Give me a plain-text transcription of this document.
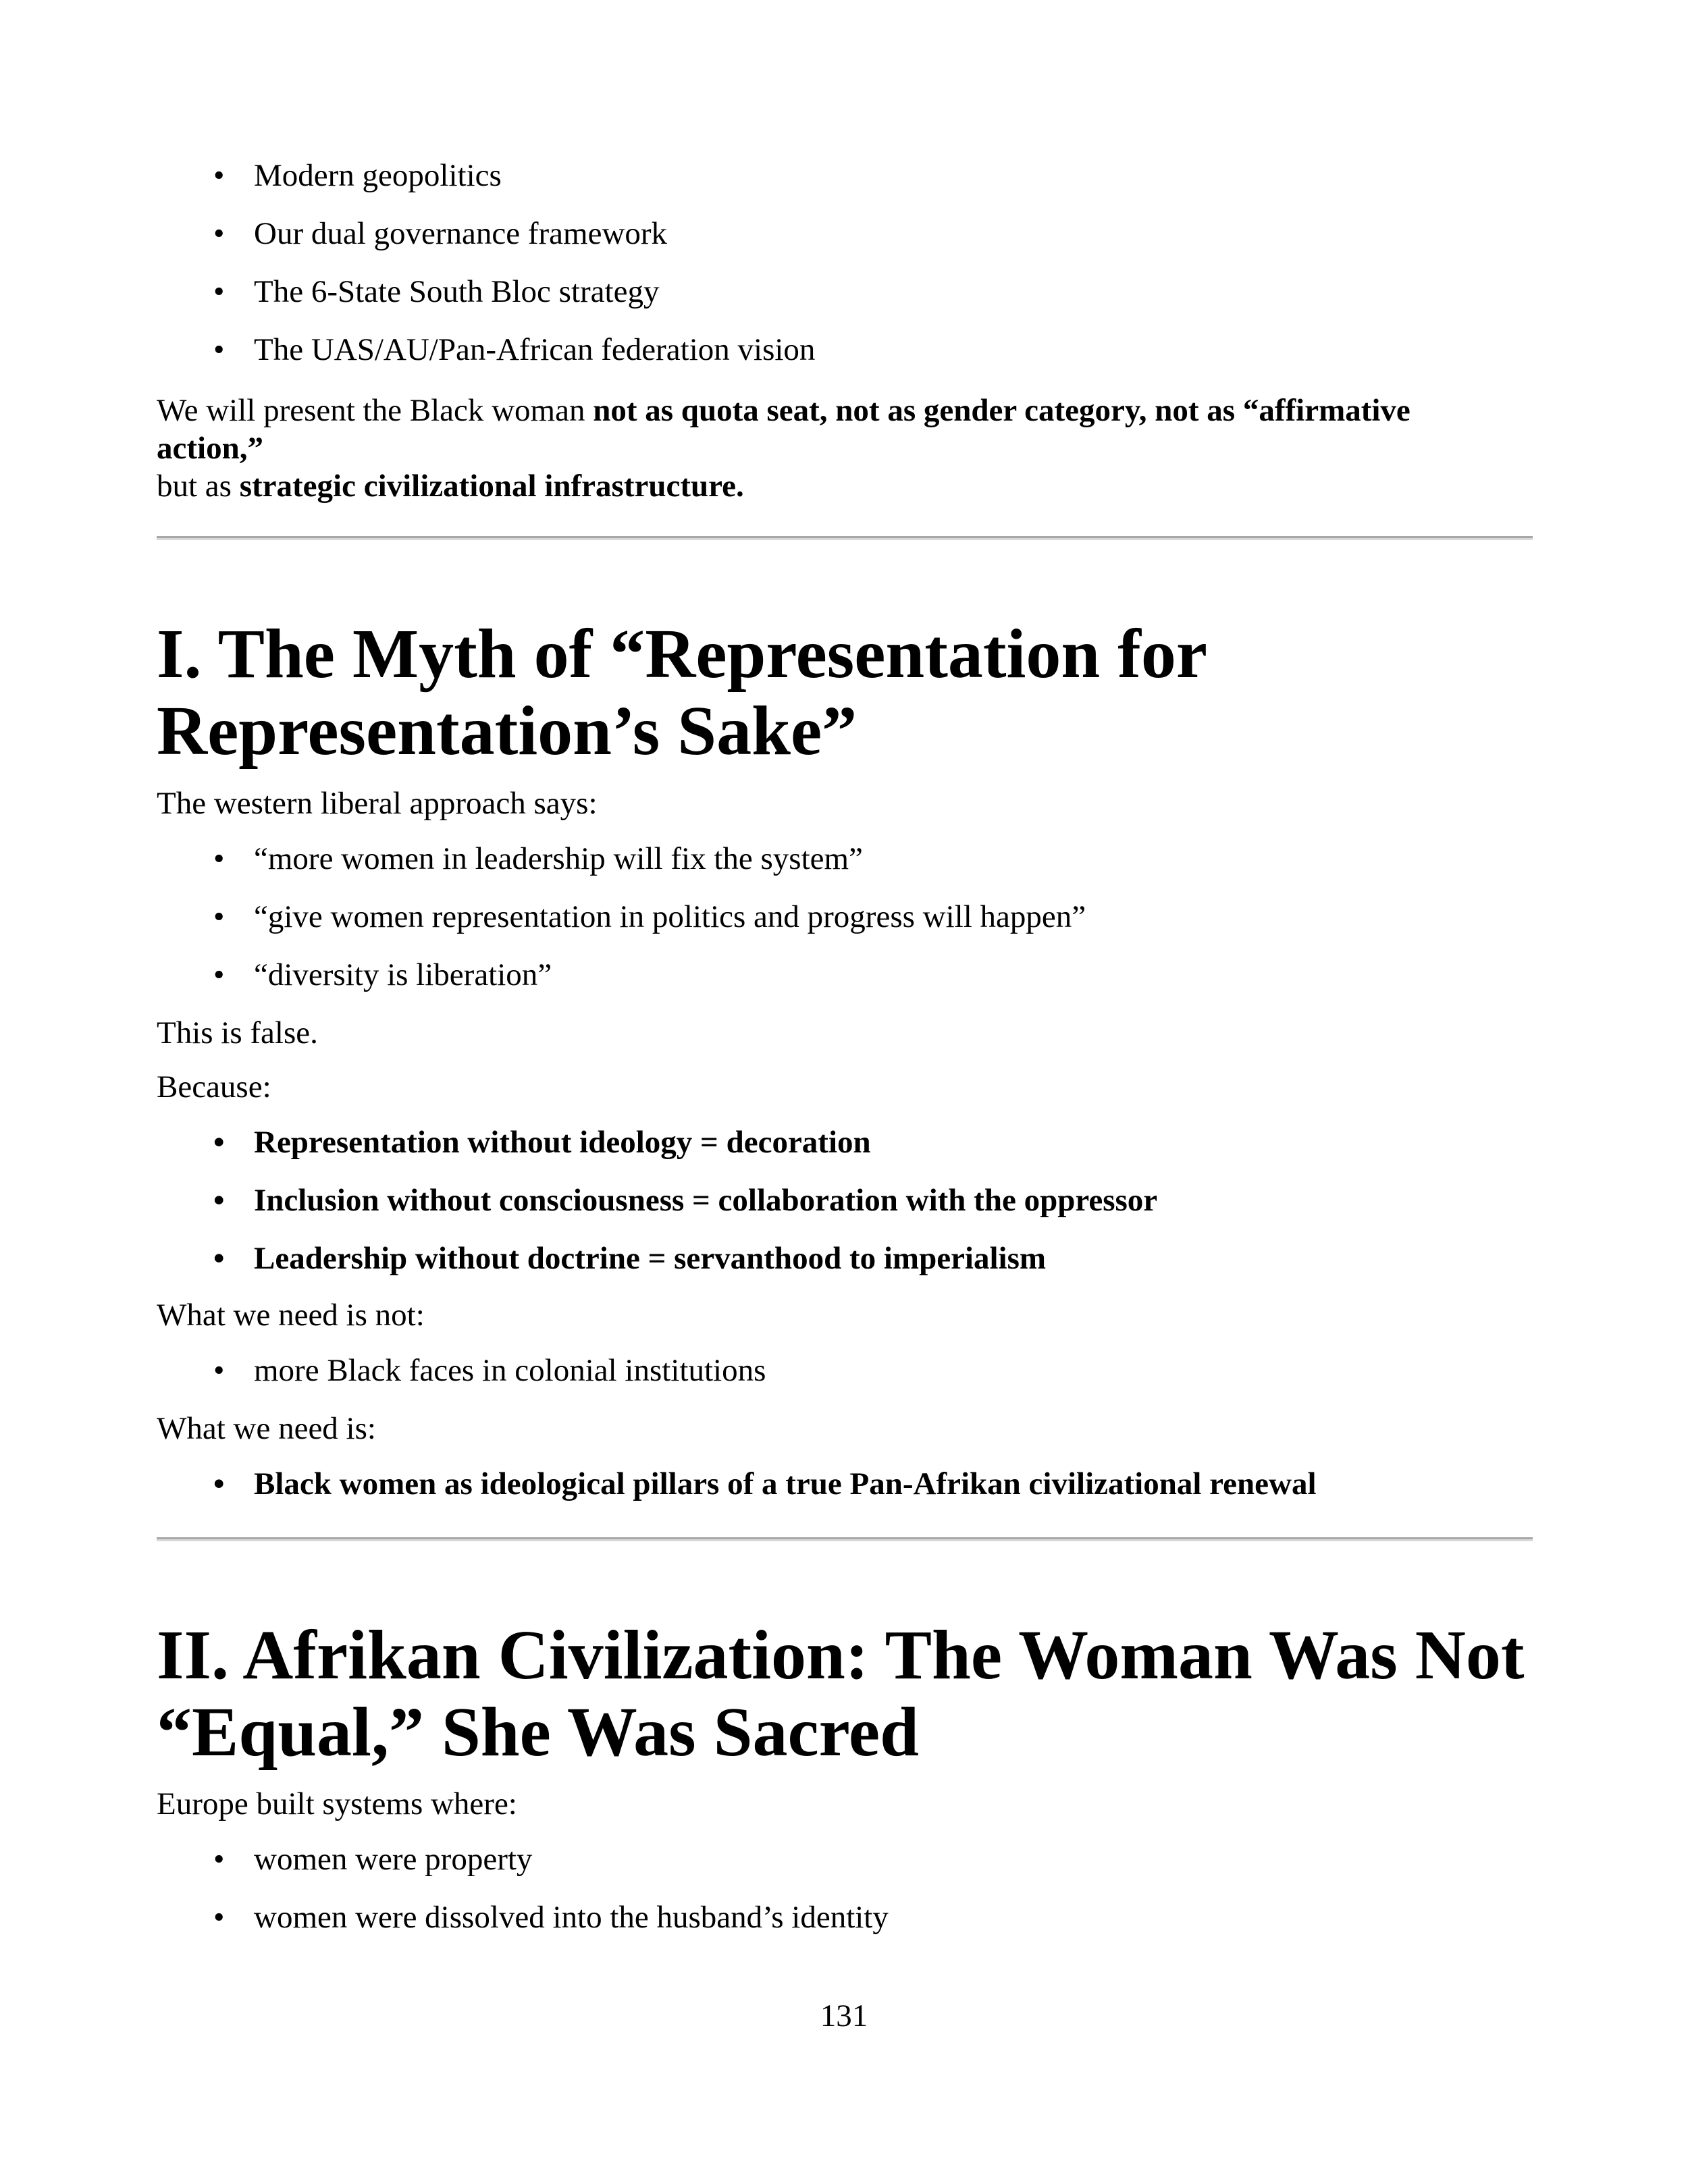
• Modern geopolitics
• Our dual governance framework
• The 6-State South Bloc strategy
• The UAS/AU/Pan-African federation vision
We will present the Black woman not as quota seat, not as gender category, not as “affirmative
action,”
but as strategic civilizational infrastructure.
I. The Myth of “Representation for
Representation’s Sake”
The western liberal approach says:
• “more women in leadership will fix the system”
• “give women representation in politics and progress will happen”
• “diversity is liberation”
This is false.
Because:
• Representation without ideology = decoration
• Inclusion without consciousness = collaboration with the oppressor
• Leadership without doctrine = servanthood to imperialism
What we need is not:
• more Black faces in colonial institutions
What we need is:
• Black women as ideological pillars of a true Pan-Afrikan civilizational renewal
II. Afrikan Civilization: The Woman Was Not
“Equal,” She Was Sacred
Europe built systems where:
• women were property
• women were dissolved into the husband’s identity
131
